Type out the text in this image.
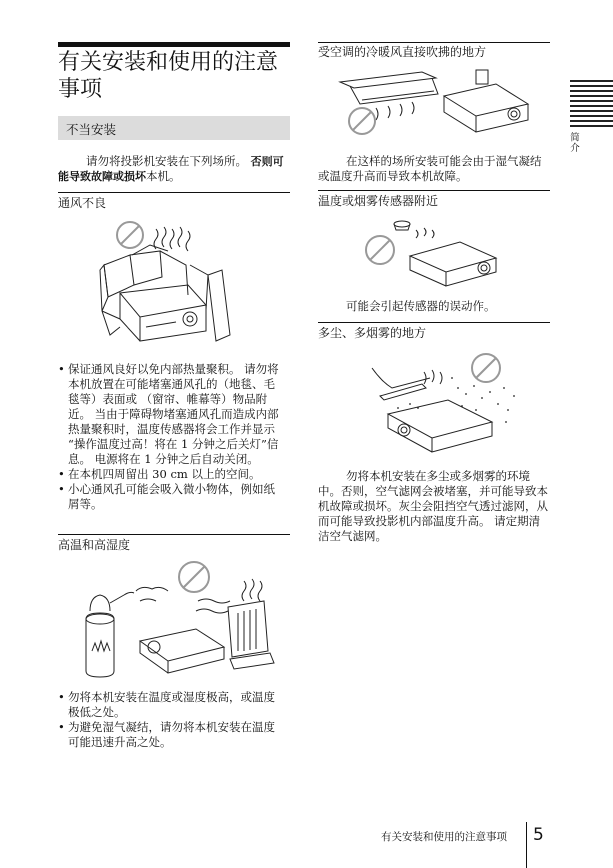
有关安装和使用的注意事项
不当安装
请勿将投影机安装在下列场所。 否则可能导致故障或损坏本机。
通风不良
• 保证通风良好以免内部热量聚积。 请勿将本机放置在可能堵塞通风孔的（地毯、毛毯等）表面或 （窗帘、帷幕等）物品附近。 当由于障碍物堵塞通风孔而造成内部热量聚积时，温度传感器将会工作并显示 “操作温度过高！将在 1 分钟之后关灯”信息。 电源将在 1 分钟之后自动关闭。
• 在本机四周留出 30 cm 以上的空间。
• 小心通风孔可能会吸入微小物体，例如纸屑等。
高温和高湿度
• 勿将本机安装在温度或湿度极高，或温度极低之处。
• 为避免湿气凝结，请勿将本机安装在温度可能迅速升高之处。
受空调的冷暖风直接吹拂的地方
在这样的场所安装可能会由于湿气凝结或温度升高而导致本机故障。
温度或烟雾传感器附近
可能会引起传感器的误动作。
多尘、多烟雾的地方
勿将本机安装在多尘或多烟雾的环境中。否则，空气滤网会被堵塞，并可能导致本机故障或损坏。灰尘会阻挡空气透过滤网，从而可能导致投影机内部温度升高。 请定期清洁空气滤网。
简介
有关安装和使用的注意事项 5
